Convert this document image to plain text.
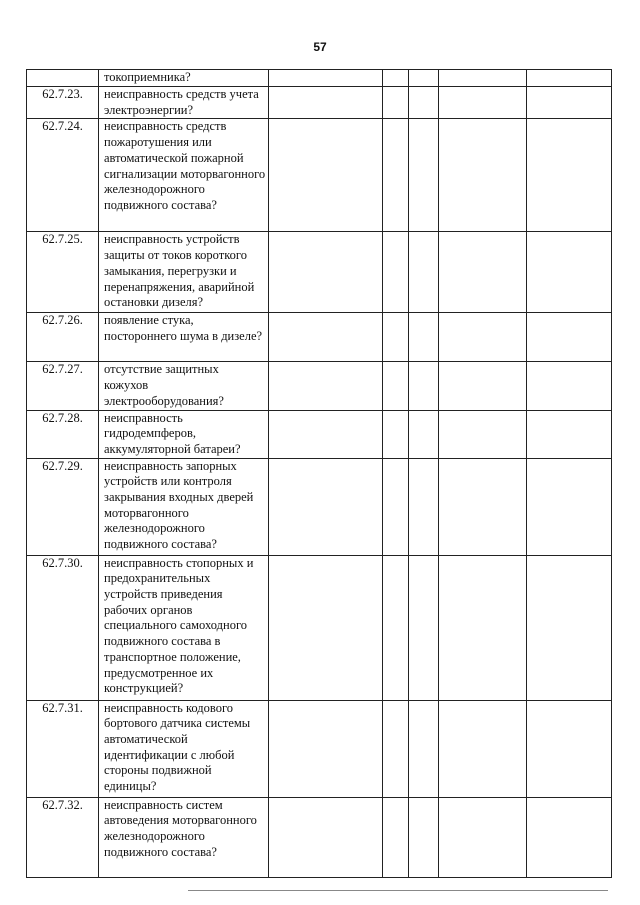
57
	токоприемника?					
62.7.23.	неисправность средств учета электроэнергии?					
62.7.24.	неисправность средств пожаротушения или автоматической пожарной сигнализации моторвагонного железнодорожного подвижного состава?					
62.7.25.	неисправность устройств защиты от токов короткого замыкания, перегрузки и перенапряжения, аварийной остановки дизеля?					
62.7.26.	появление стука, постороннего шума в дизеле?					
62.7.27.	отсутствие защитных кожухов электрооборудования?					
62.7.28.	неисправность гидродемпферов, аккумуляторной батареи?					
62.7.29.	неисправность запорных устройств или контроля закрывания входных дверей моторвагонного железнодорожного подвижного состава?					
62.7.30.	неисправность стопорных и предохранительных устройств приведения рабочих органов специального самоходного подвижного состава в транспортное положение, предусмотренное их конструкцией?					
62.7.31.	неисправность кодового бортового датчика системы автоматической идентификации с любой стороны подвижной единицы?					
62.7.32.	неисправность систем автоведения моторвагонного железнодорожного подвижного состава?					
